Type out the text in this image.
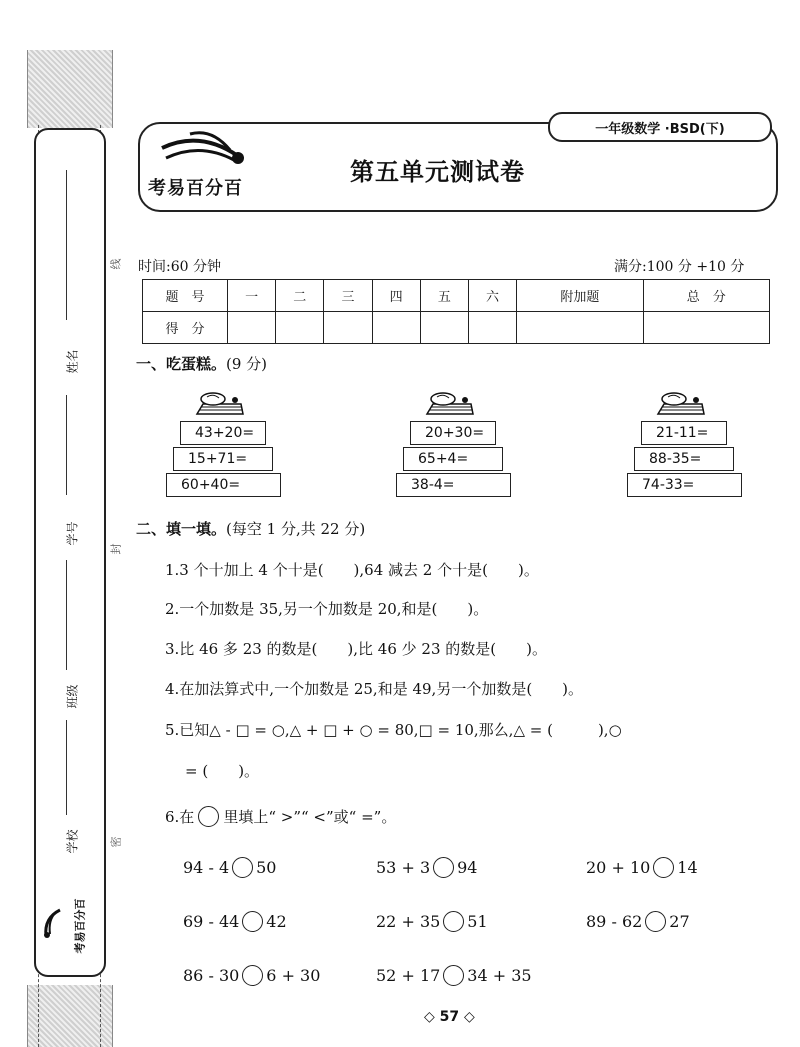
姓名
学号
班级
学校
线
封
密
考易百分百
一年级数学 ·BSD(下)
考易百分百
第五单元测试卷
时间:60 分钟	满分:100 分 +10 分
题　号	一	二	三	四	五	六	附加题	总　分
得　分								
一、吃蛋糕。(9 分)
43+20=
15+71=
60+40=
20+30=
65+4=
38-4=
21-11=
88-35=
74-33=
二、填一填。(每空 1 分,共 22 分)
1.3 个十加上 4 个十是(　　),64 减去 2 个十是(　　)。
2.一个加数是 35,另一个加数是 20,和是(　　)。
3.比 46 多 23 的数是(　　),比 46 少 23 的数是(　　)。
4.在加法算式中,一个加数是 25,和是 49,另一个加数是(　　)。
5.已知△ - □ = ○,△ + □ + ○ = 80,□ = 10,那么,△ = (　　　),○
= (　　)。
6.在 里填上“ >”“ <”或“ =”。
94 - 4 50	53 + 3 94	20 + 10 14
69 - 44 42	22 + 35 51	89 - 62 27
86 - 30 6 + 30	52 + 17 34 + 35
◇ 57 ◇
